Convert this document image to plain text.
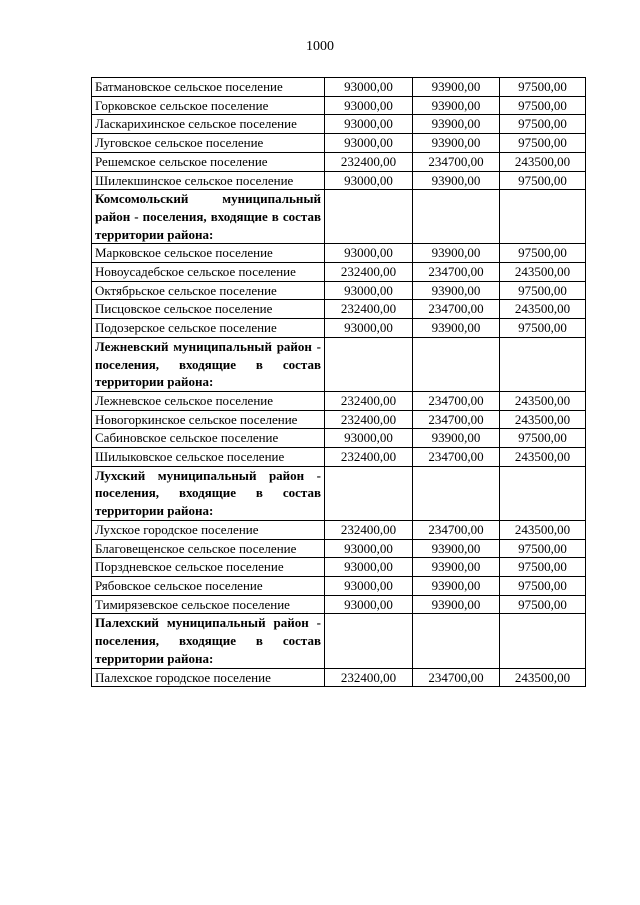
1000
Батмановское сельское поселение	93000,00	93900,00	97500,00
Горковское сельское поселение	93000,00	93900,00	97500,00
Ласкарихинское сельское поселение	93000,00	93900,00	97500,00
Луговское сельское поселение	93000,00	93900,00	97500,00
Решемское сельское поселение	232400,00	234700,00	243500,00
Шилекшинское сельское поселение	93000,00	93900,00	97500,00
Комсомольский муниципальный район - поселения, входящие в состав территории района:			
Марковское сельское поселение	93000,00	93900,00	97500,00
Новоусадебское сельское поселение	232400,00	234700,00	243500,00
Октябрьское сельское поселение	93000,00	93900,00	97500,00
Писцовское сельское поселение	232400,00	234700,00	243500,00
Подозерское сельское поселение	93000,00	93900,00	97500,00
Лежневский муниципальный район - поселения, входящие в состав территории района:			
Лежневское сельское поселение	232400,00	234700,00	243500,00
Новогоркинское сельское поселение	232400,00	234700,00	243500,00
Сабиновское сельское поселение	93000,00	93900,00	97500,00
Шилыковское сельское поселение	232400,00	234700,00	243500,00
Лухский муниципальный район - поселения, входящие в состав территории района:			
Лухское городское поселение	232400,00	234700,00	243500,00
Благовещенское сельское поселение	93000,00	93900,00	97500,00
Порздневское сельское поселение	93000,00	93900,00	97500,00
Рябовское сельское поселение	93000,00	93900,00	97500,00
Тимирязевское сельское поселение	93000,00	93900,00	97500,00
Палехский муниципальный район - поселения, входящие в состав территории района:			
Палехское городское поселение	232400,00	234700,00	243500,00
